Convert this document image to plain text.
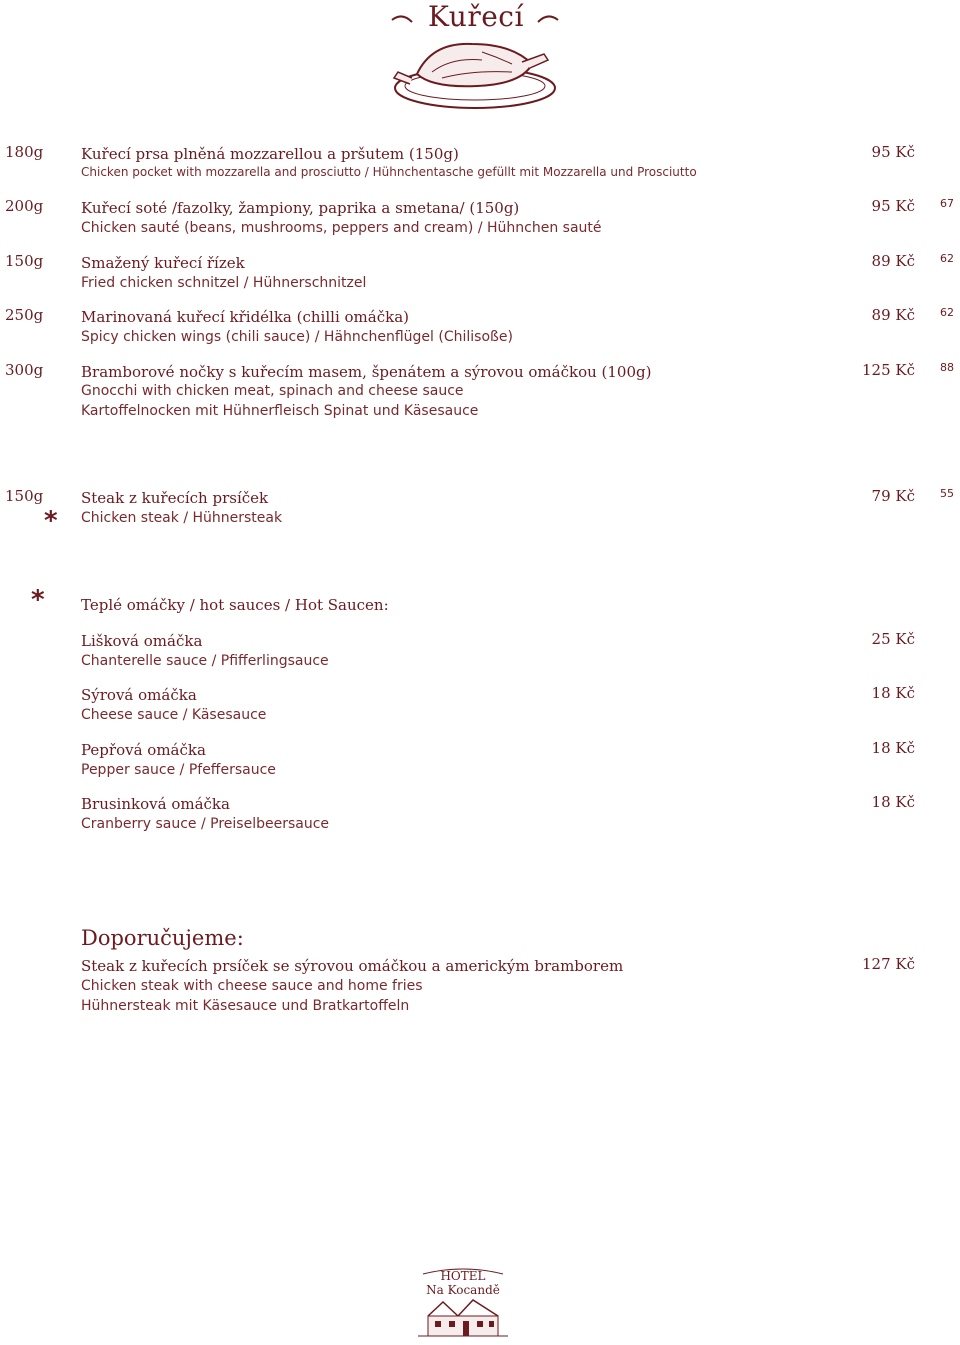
Kuřecí
180g	Kuřecí prsa plněná mozzarellou a pršutem (150g)
Chicken pocket with mozzarella and prosciutto / Hühnchentasche gefüllt mit Mozzarella und Prosciutto
95 Kč
200g	Kuřecí soté /fazolky, žampiony, paprika a smetana/ (150g)
Chicken sauté (beans, mushrooms, peppers and cream) / Hühnchen sauté
95 Kč 67
150g	Smažený kuřecí řízek
Fried chicken schnitzel / Hühnerschnitzel
89 Kč 62
250g	Marinovaná kuřecí křidélka (chilli omáčka)
Spicy chicken wings (chili sauce) / Hähnchenflügel (Chilisoße)
89 Kč 62
300g	Bramborové nočky s kuřecím masem, špenátem a sýrovou omáčkou (100g)
Gnocchi with chicken meat, spinach and cheese sauce
Kartoffelnocken mit Hühnerfleisch Spinat und Käsesauce
125 Kč 88
150g
*
Steak z kuřecích prsíček
Chicken steak / Hühnersteak
79 Kč 55
* Teplé omáčky / hot sauces / Hot Saucen:
Lišková omáčka
Chanterelle sauce / Pfifferlingsauce
25 Kč
Sýrová omáčka
Cheese sauce / Käsesauce
18 Kč
Pepřová omáčka
Pepper sauce / Pfeffersauce
18 Kč
Brusinková omáčka
Cranberry sauce / Preiselbeersauce
18 Kč
Doporučujeme:
Steak z kuřecích prsíček se sýrovou omáčkou a americkým bramborem
Chicken steak with cheese sauce and home fries
Hühnersteak mit Käsesauce und Bratkartoffeln
127 Kč
HOTEL
Na Kocandě
